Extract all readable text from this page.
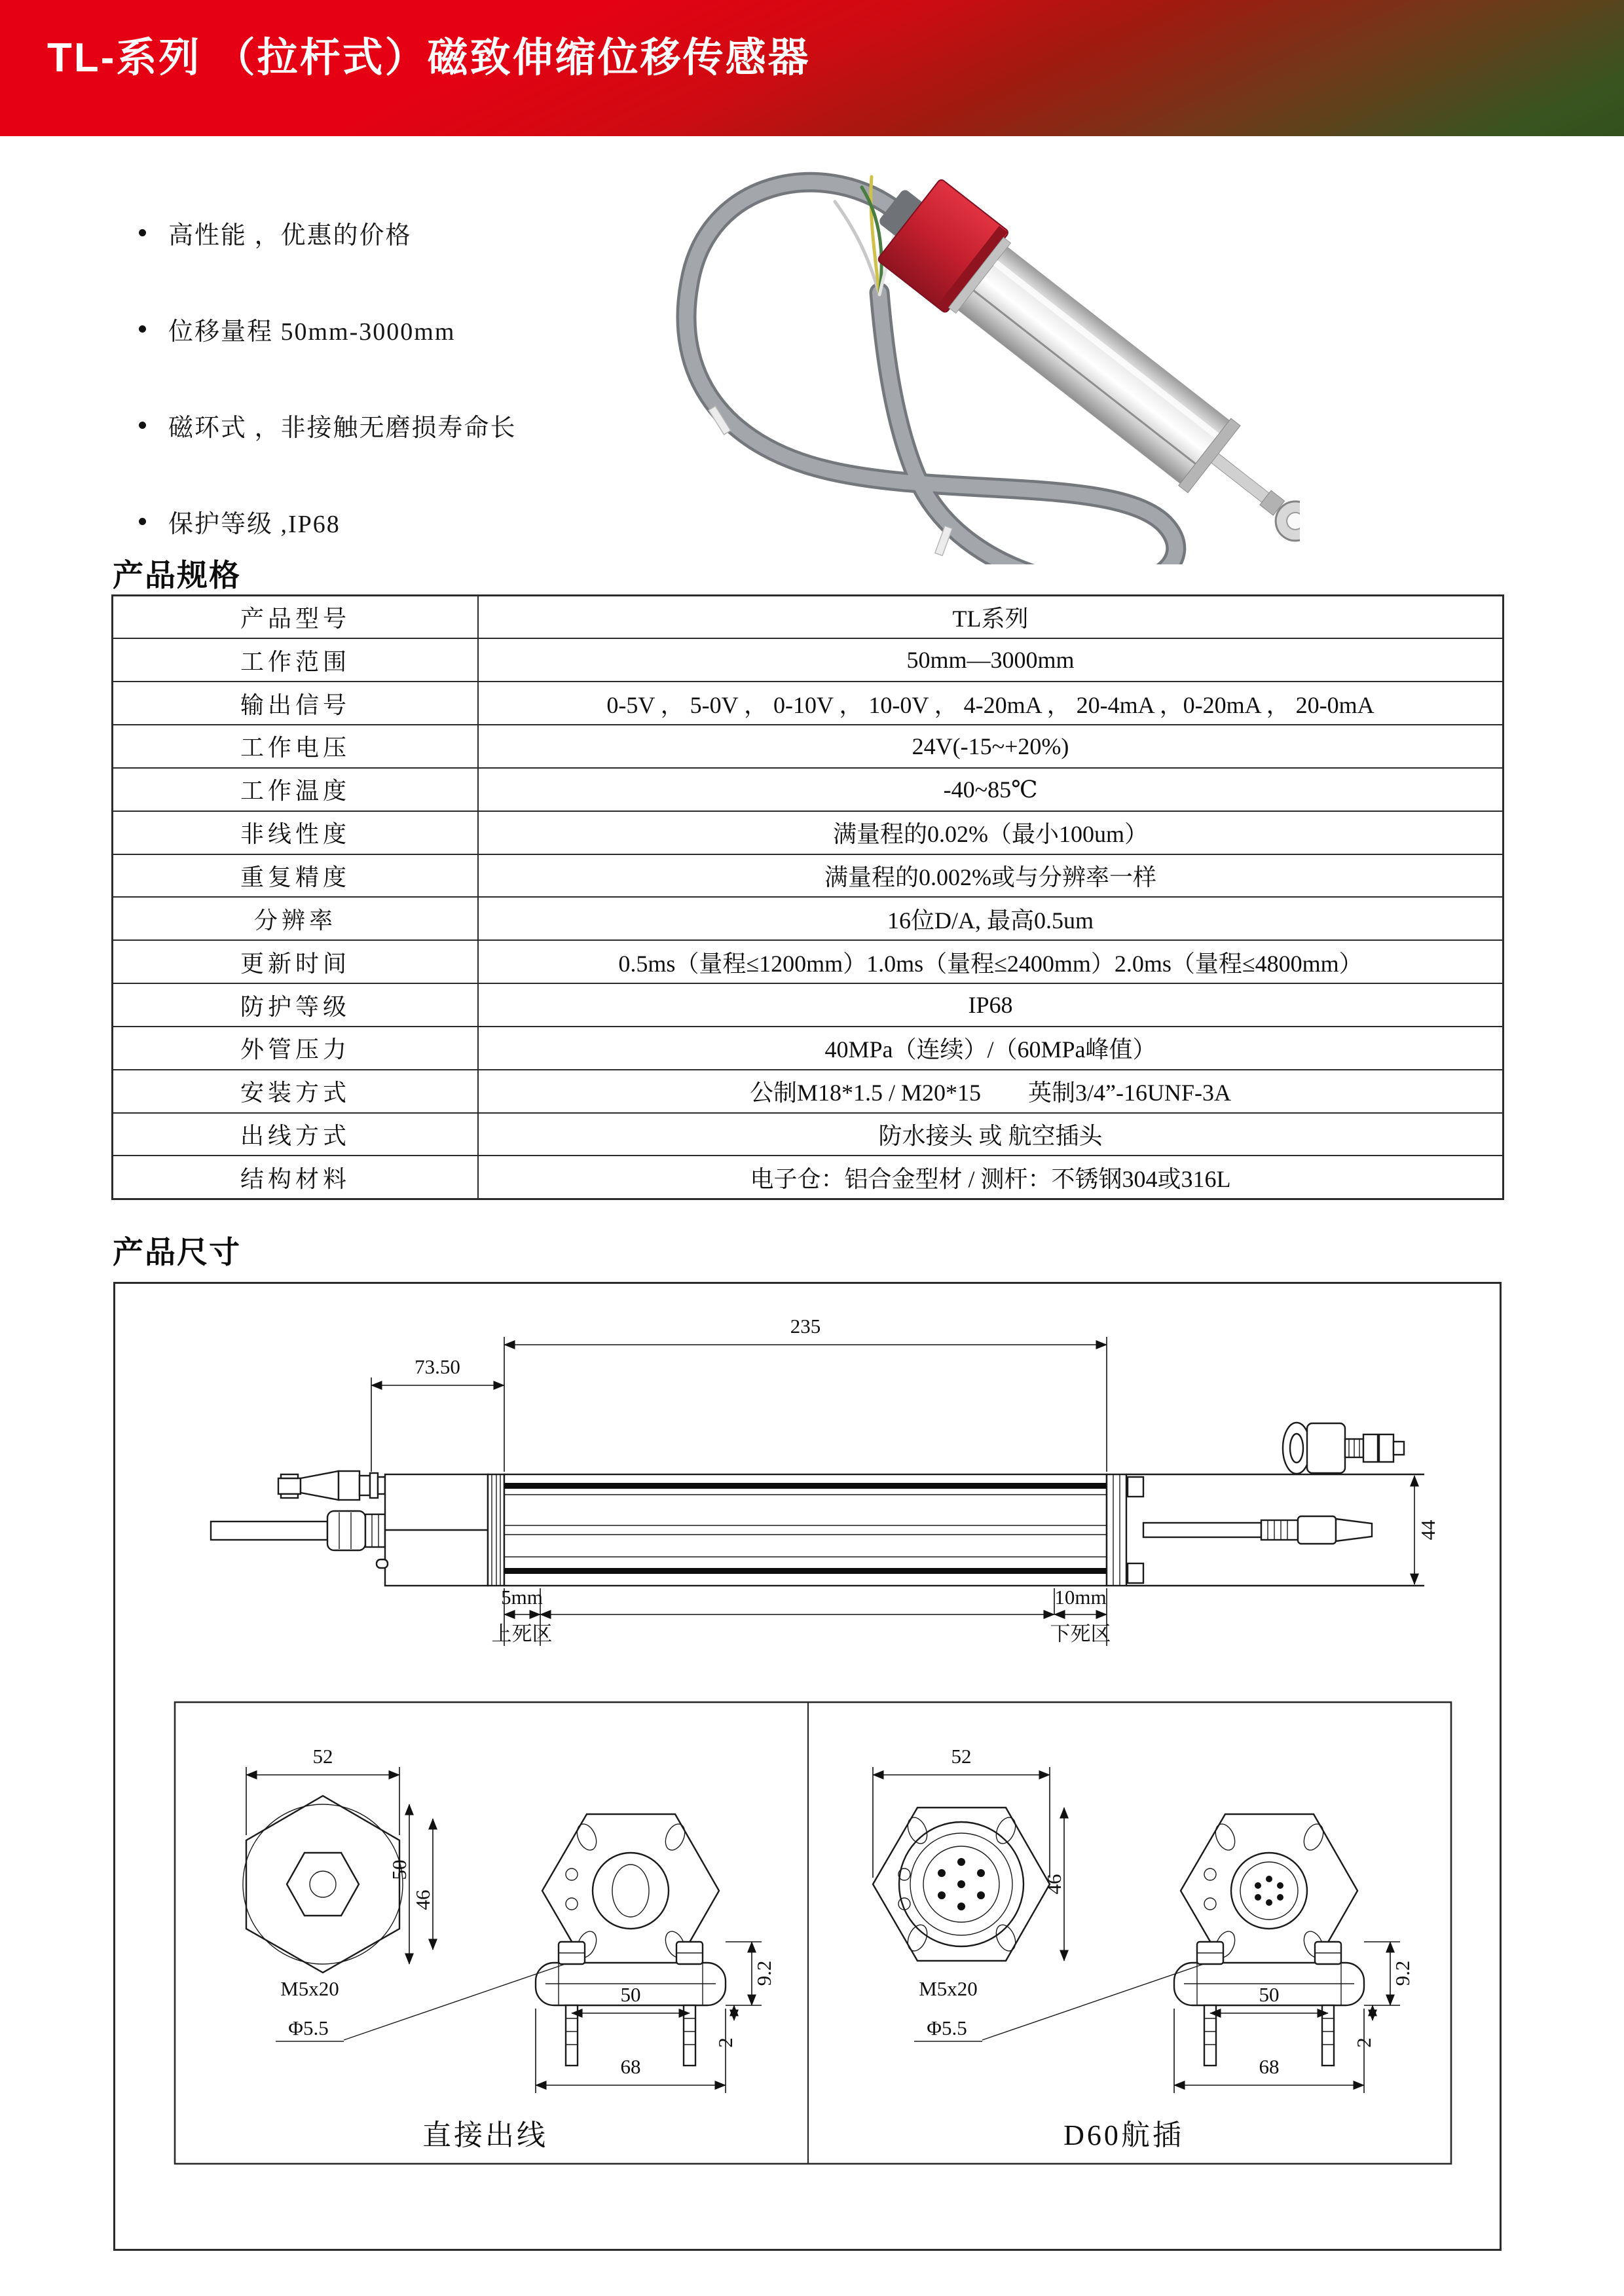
TL-系列 （拉杆式）磁致伸缩位移传感器
高性能 ，优惠的价格
位移量程 50mm-3000mm
磁环式 ，非接触无磨损寿命长
保护等级 ,IP68
产品规格
产品型号	TL系列
工作范围	50mm—3000mm
输出信号	0-5V ， 5-0V ， 0-10V ， 10-0V ， 4-20mA ， 20-4mA ，0-20mA ， 20-0mA
工作电压	24V(-15~+20%)
工作温度	-40~85℃
非线性度	满量程的0.02%（最小100um）
重复精度	满量程的0.002%或与分辨率一样
分辨率	16位D/A, 最高0.5um
更新时间	0.5ms（量程≤1200mm）1.0ms（量程≤2400mm）2.0ms（量程≤4800mm）
防护等级	IP68
外管压力	40MPa（连续）/（60MPa峰值）
安装方式	公制M18*1.5 / M20*15　　英制3/4”-16UNF-3A
出线方式	防水接头 或 航空插头
结构材料	电子仓：铝合金型材 / 测杆：不锈钢304或316L
产品尺寸
73.50
235
44
5mm
上死区
10mm
下死区
52
50
46
9.2
2
50
68
M5x20
Φ5.5
直接出线
52
46
9.2
2
50
68
M5x20
Φ5.5
D60航插
